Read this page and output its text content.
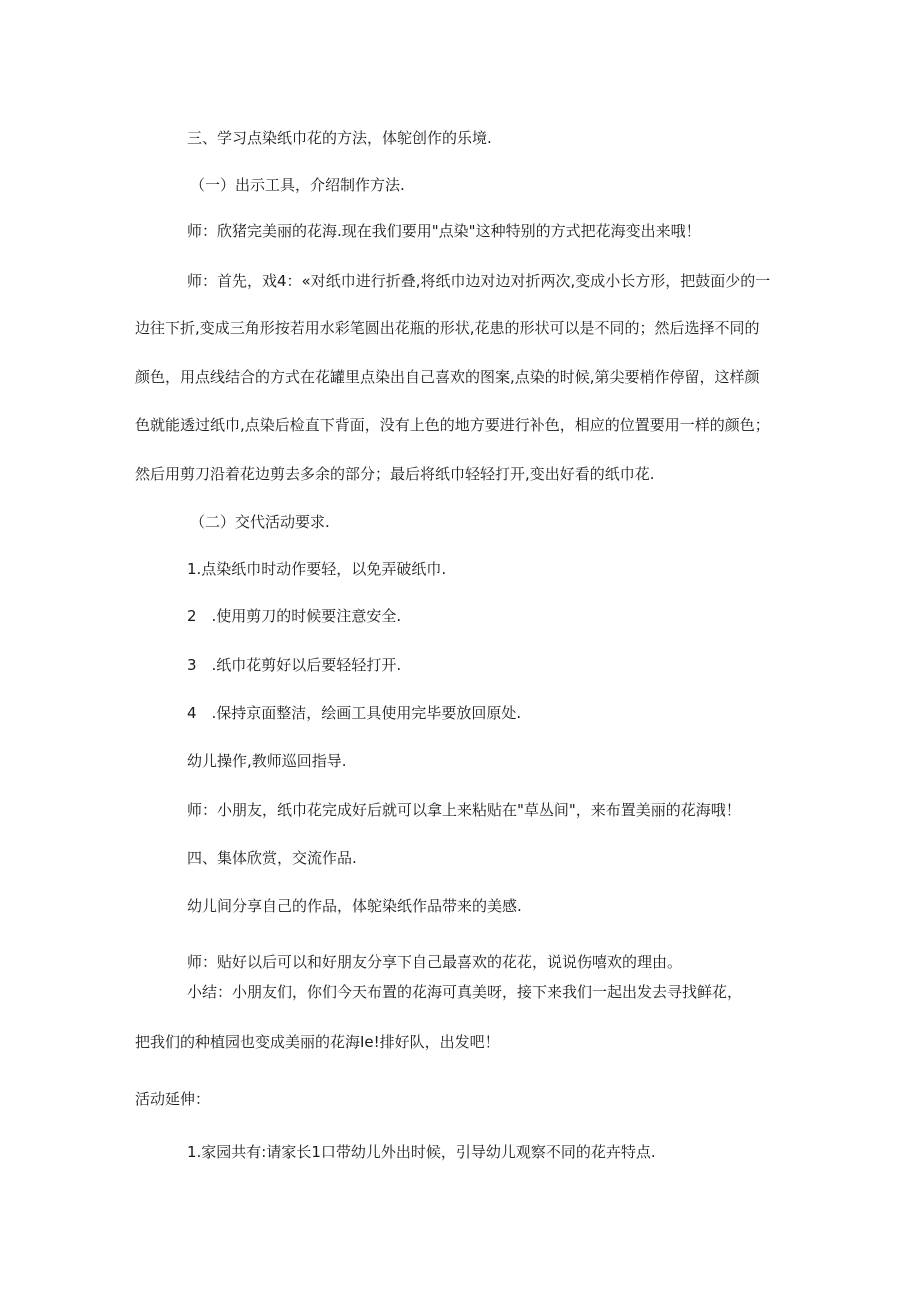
三、学习点染纸巾花的方法，体鸵创作的乐境.
（一）出示工具，介绍制作方法.
师：欣猪完美丽的花海.现在我们要用"点染"这种特别的方式把花海变出来哦！
师：首先，戏4：«对纸巾进行折叠,将纸巾边对边对折两次,变成小长方形，把鼓面少的一
边往下折,变成三角形按若用水彩笔圆出花瓶的形状,花患的形状可以是不同的；然后选择不同的
颜色，用点线结合的方式在花罐里点染出自己喜欢的图案,点染的时候,第尖要梢作停留，这样颜
色就能透过纸巾,点染后检直下背面，没有上色的地方要进行补色，相应的位置要用一样的颜色；
然后用剪刀沿着花边剪去多余的部分；最后将纸巾轻轻打开,变出好看的纸巾花.
（二）交代活动要求.
1.点染纸巾时动作要轻，以免弄破纸巾.
2　.使用剪刀的时候要注意安全.
3　.纸巾花剪好以后要轻轻打开.
4　.保持京面整洁，绘画工具使用完毕要放回原处.
幼儿操作,教师巡回指导.
师：小朋友，纸巾花完成好后就可以拿上来粘贴在"草丛间"，来布置美丽的花海哦！
四、集体欣赏，交流作品.
幼儿间分享自己的作品，体鸵染纸作品带来的美感.
师：贴好以后可以和好朋友分享下自己最喜欢的花花，说说伤嘻欢的理由。
小结：小朋友们，你们今天布置的花海可真美呀，接下来我们一起出发去寻找鲜花，
把我们的种植园也变成美丽的花海Ie!排好队，出发吧！
活动延伸：
1.家园共有:请家长1口带幼儿外出时候，引导幼儿观察不同的花卉特点.
